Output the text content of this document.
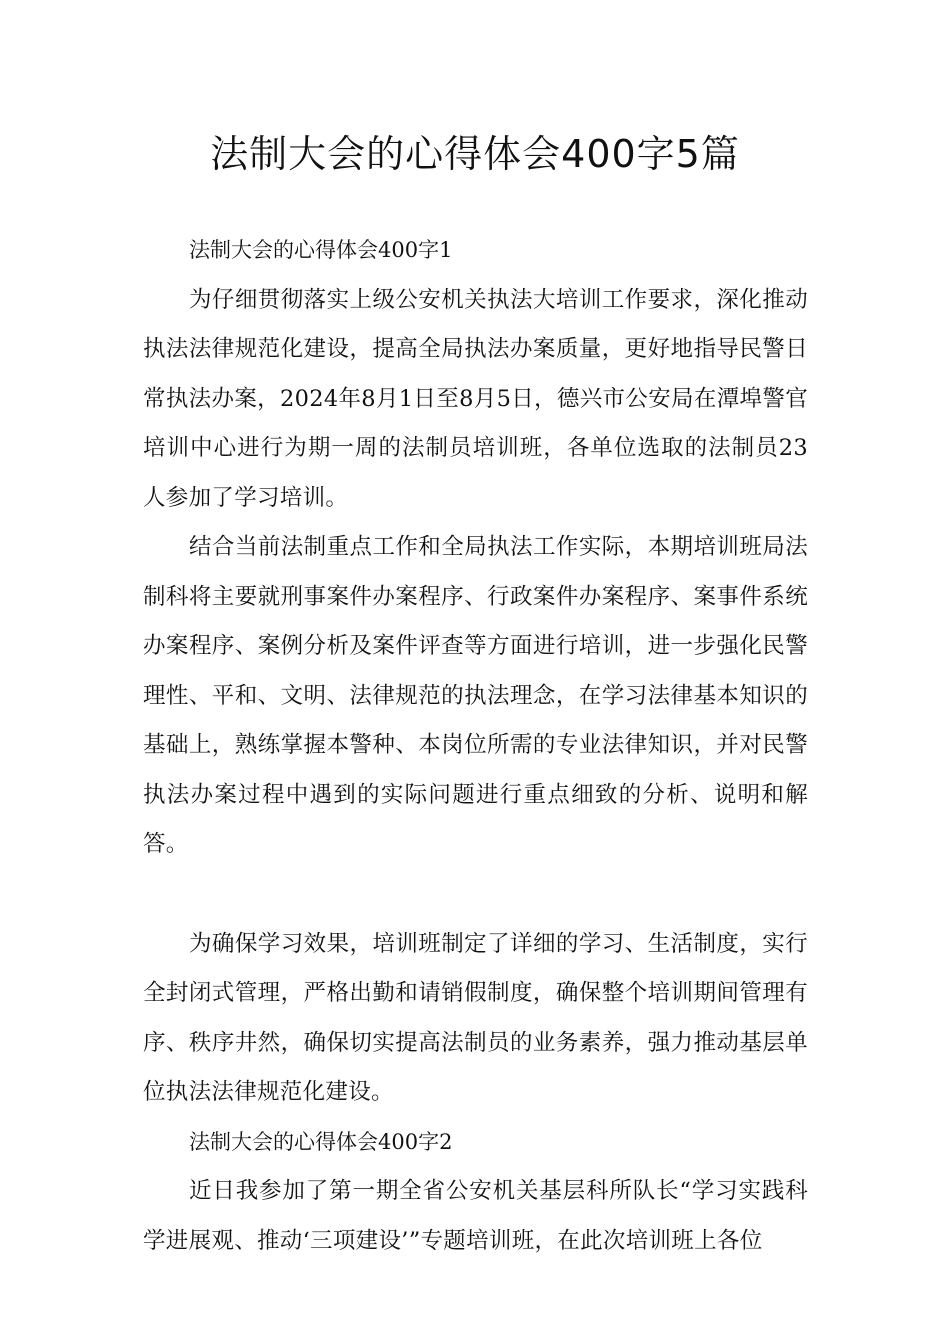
法制大会的心得体会400字5篇

法制大会的心得体会400字1

为仔细贯彻落实上级公安机关执法大培训工作要求，深化推动执法法律规范化建设，提高全局执法办案质量，更好地指导民警日常执法办案，2024年8月1日至8月5日，德兴市公安局在潭埠警官培训中心进行为期一周的法制员培训班，各单位选取的法制员23人参加了学习培训。

结合当前法制重点工作和全局执法工作实际，本期培训班局法制科将主要就刑事案件办案程序、行政案件办案程序、案事件系统办案程序、案例分析及案件评查等方面进行培训，进一步强化民警理性、平和、文明、法律规范的执法理念，在学习法律基本知识的基础上，熟练掌握本警种、本岗位所需的专业法律知识，并对民警执法办案过程中遇到的实际问题进行重点细致的分析、说明和解答。

为确保学习效果，培训班制定了详细的学习、生活制度，实行全封闭式管理，严格出勤和请销假制度，确保整个培训期间管理有序、秩序井然，确保切实提高法制员的业务素养，强力推动基层单位执法法律规范化建设。

法制大会的心得体会400字2

近日我参加了第一期全省公安机关基层科所队长“学习实践科学进展观、推动‘三项建设’”专题培训班，在此次培训班上各位
